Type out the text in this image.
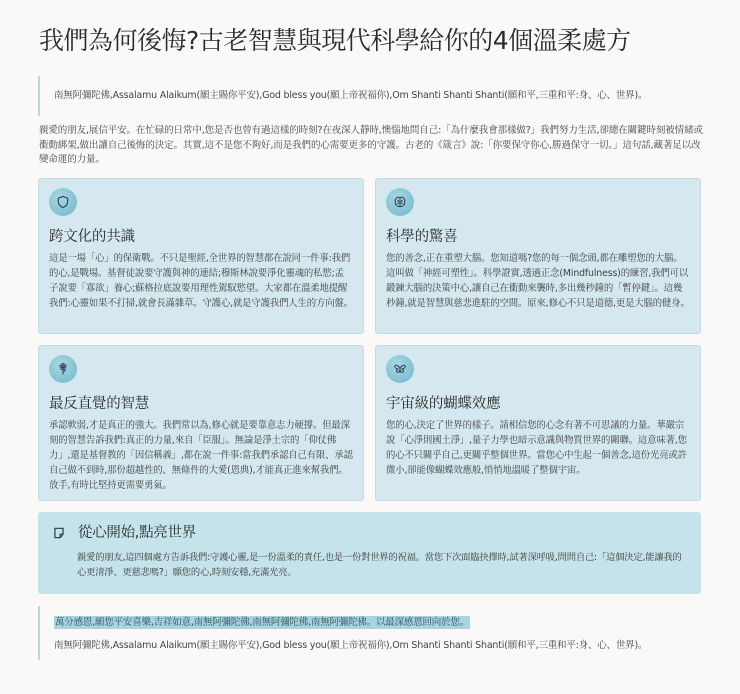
我們為何後悔?古老智慧與現代科學給你的4個溫柔處方

南無阿彌陀佛,Assalamu Alaikum(願主賜你平安),God bless you(願上帝祝福你),Om Shanti Shanti Shanti(願和平,三重和平:身、心、世界)。

親愛的朋友,展信平安。在忙碌的日常中,您是否也曾有過這樣的時刻?在夜深人靜時,懊惱地問自己:「為什麼我會那樣做?」我們努力生活,卻總在關鍵時刻被情緒或衝動綁架,做出讓自己後悔的決定。其實,這不是您不夠好,而是我們的心需要更多的守護。古老的《箴言》說:「你要保守你心,勝過保守一切。」這句話,藏著足以改變命運的力量。

跨文化的共識

這是一場「心」的保衛戰。不只是聖經,全世界的智慧都在說同一件事:我們的心,是戰場。基督徒說要守護與神的連結;穆斯林說要淨化靈魂的私慾;孟子說要「寡欲」養心;蘇格拉底說要用理性駕馭慾望。大家都在溫柔地提醒我們:心靈如果不打掃,就會長滿雜草。守護心,就是守護我們人生的方向盤。

科學的驚喜

您的善念,正在重塑大腦。您知道嗎?您的每一個念頭,都在雕塑您的大腦。這叫做「神經可塑性」。科學證實,透過正念(Mindfulness)的練習,我們可以鍛鍊大腦的決策中心,讓自己在衝動來襲時,多出幾秒鐘的「暫停鍵」。這幾秒鐘,就是智慧與慈悲進駐的空間。原來,修心不只是道德,更是大腦的健身。

最反直覺的智慧

承認軟弱,才是真正的強大。我們常以為,修心就是要靠意志力硬撐。但最深刻的智慧告訴我們:真正的力量,來自「臣服」。無論是淨土宗的「仰仗佛力」,還是基督教的「因信稱義」,都在說一件事:當我們承認自己有限、承認自己做不到時,那份超越性的、無條件的大愛(恩典),才能真正進來幫我們。放手,有時比堅持更需要勇氣。

宇宙級的蝴蝶效應

您的心,決定了世界的樣子。請相信您的心念有著不可思議的力量。華嚴宗說「心淨則國土淨」,量子力學也暗示意識與物質世界的關聯。這意味著,您的心不只關乎自己,更關乎整個世界。當您心中生起一個善念,這份光亮或許微小,卻能像蝴蝶效應般,悄悄地溫暖了整個宇宙。

從心開始,點亮世界

親愛的朋友,這四個處方告訴我們:守護心靈,是一份溫柔的責任,也是一份對世界的祝福。當您下次面臨抉擇時,試著深呼吸,問問自己:「這個決定,能讓我的心更清淨、更慈悲嗎?」願您的心,時刻安穩,充滿光亮。

萬分感恩,願您平安喜樂,吉祥如意,南無阿彌陀佛,南無阿彌陀佛,南無阿彌陀佛。以最深感恩回向於您。

南無阿彌陀佛,Assalamu Alaikum(願主賜你平安),God bless you(願上帝祝福你),Om Shanti Shanti Shanti(願和平,三重和平:身、心、世界)。
